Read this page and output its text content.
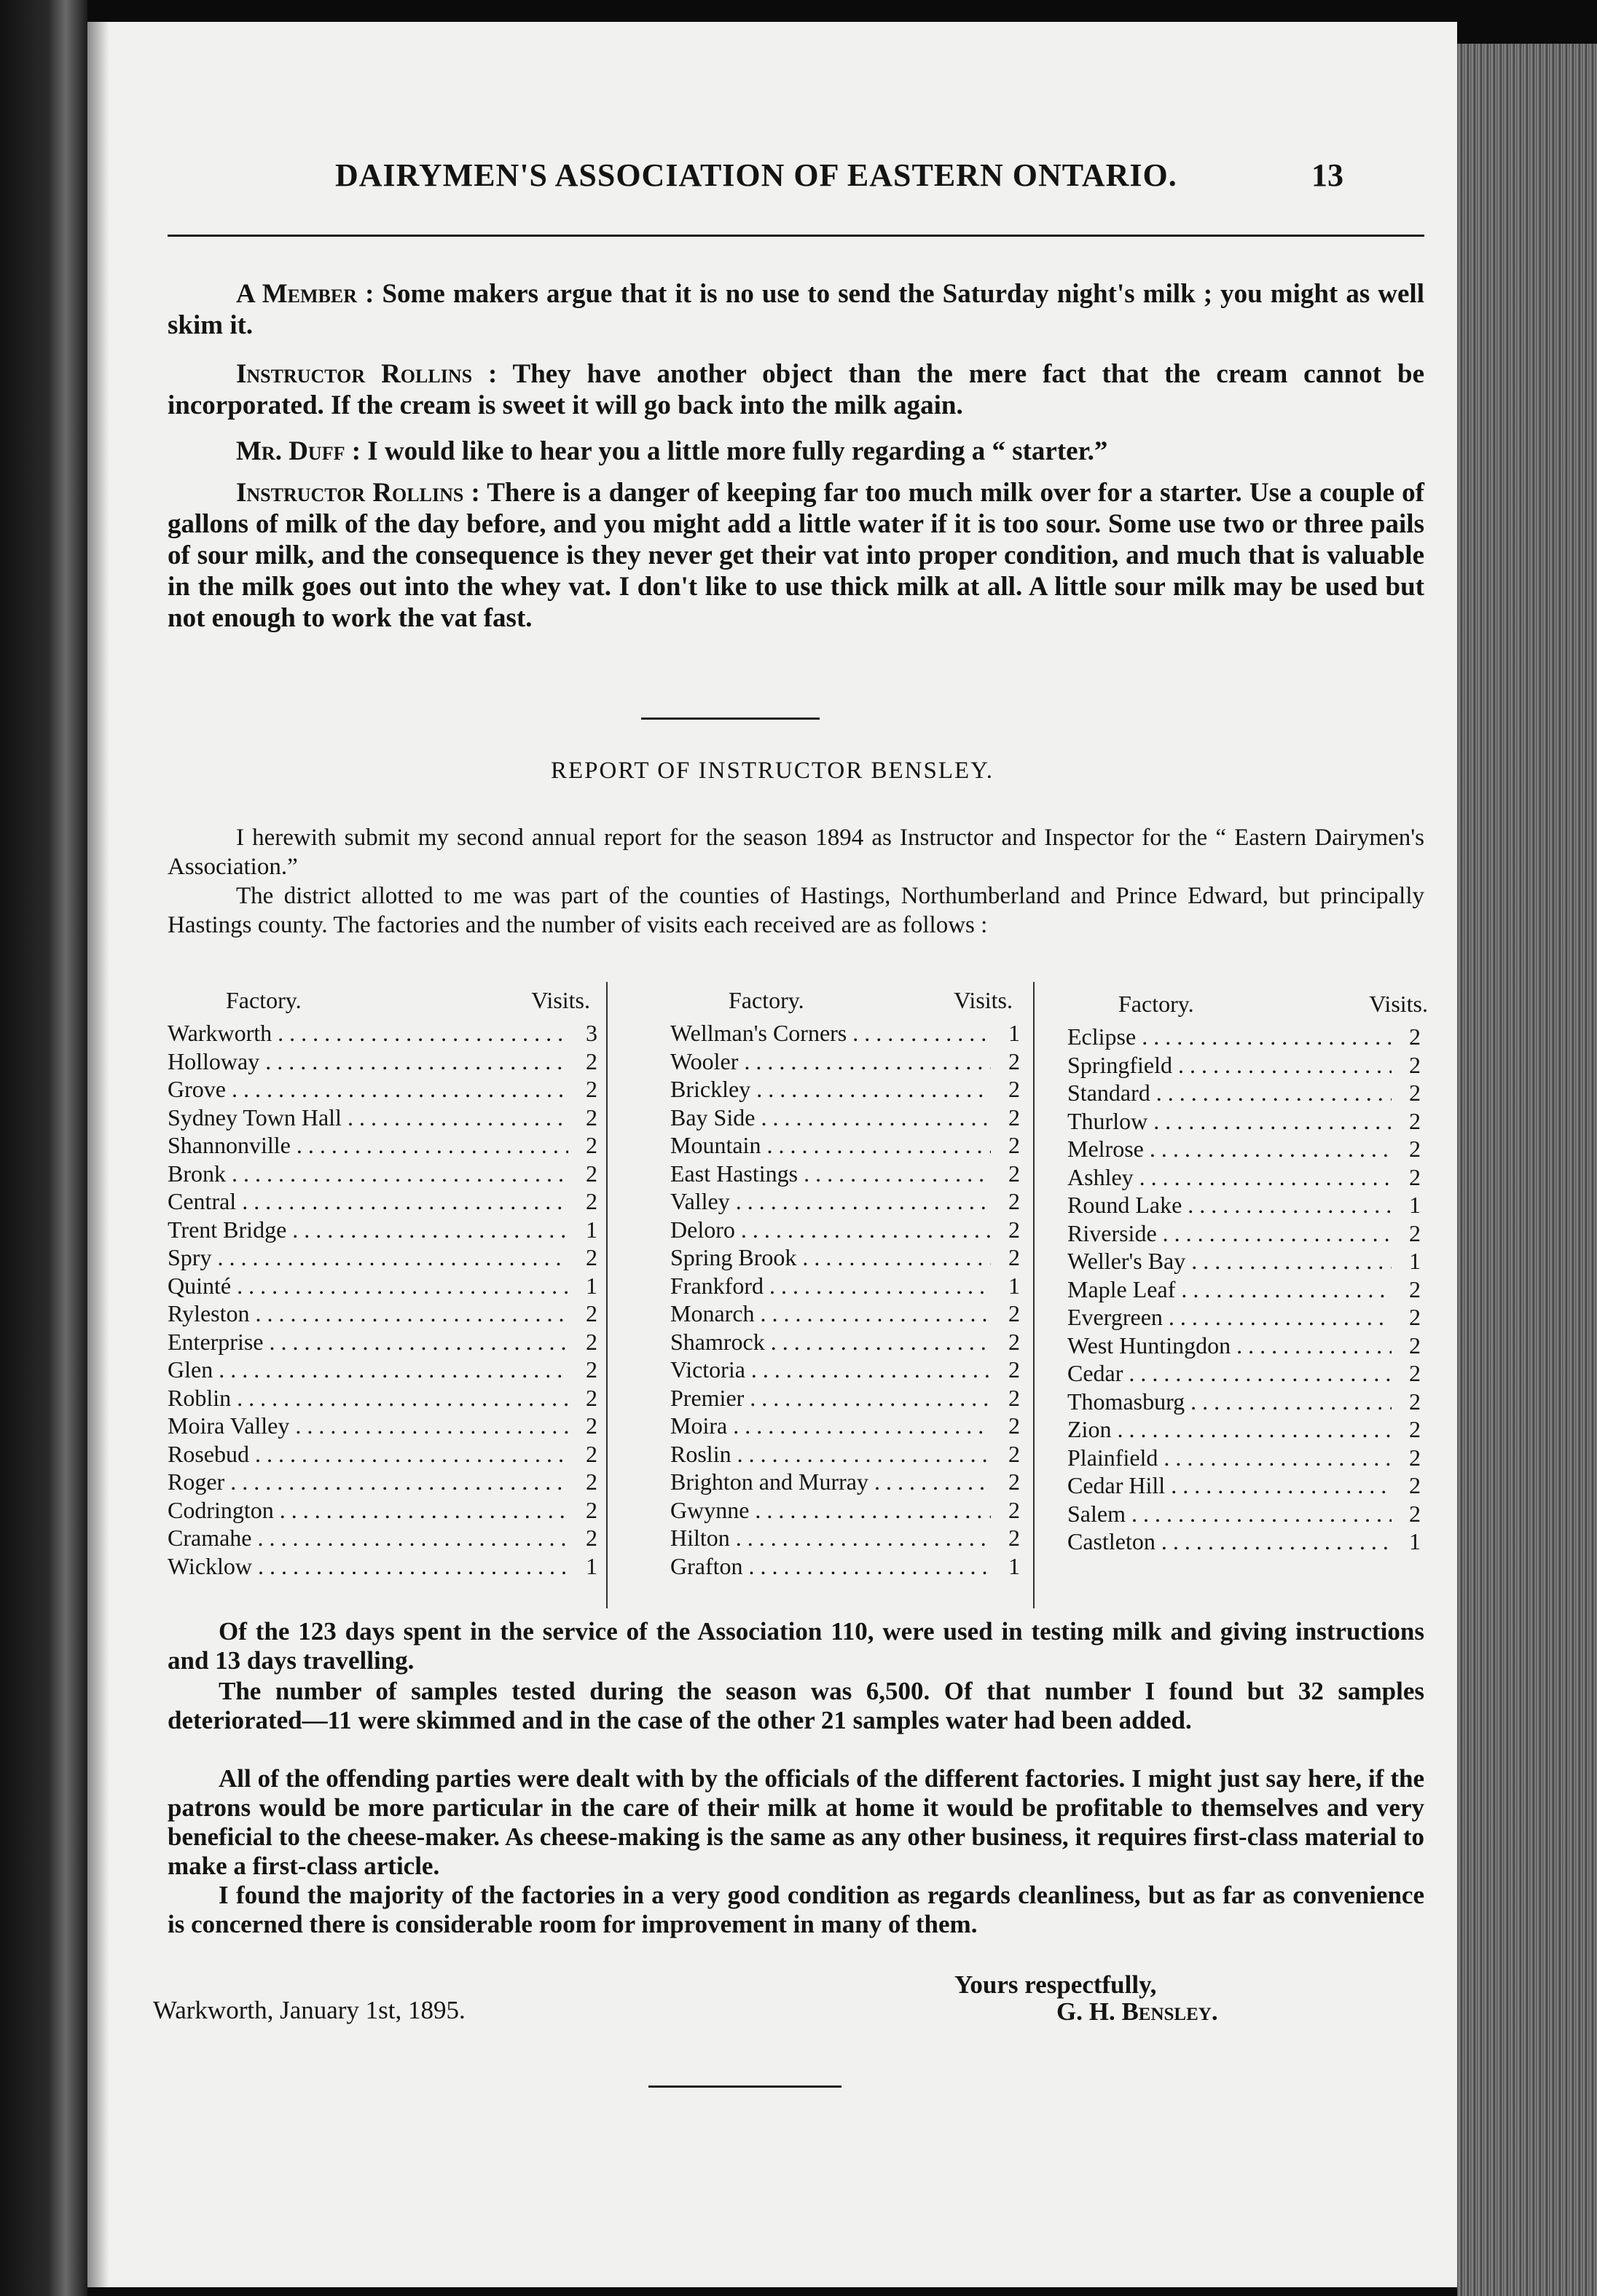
DAIRYMEN'S ASSOCIATION OF EASTERN ONTARIO.	13

A Member : Some makers argue that it is no use to send the Saturday night's milk ; you might as well skim it.

Instructor Rollins : They have another object than the mere fact that the cream cannot be incorporated. If the cream is sweet it will go back into the milk again.

Mr. Duff : I would like to hear you a little more fully regarding a “ starter.”

Instructor Rollins : There is a danger of keeping far too much milk over for a starter. Use a couple of gallons of milk of the day before, and you might add a little water if it is too sour. Some use two or three pails of sour milk, and the consequence is they never get their vat into proper condition, and much that is valuable in the milk goes out into the whey vat. I don't like to use thick milk at all. A little sour milk may be used but not enough to work the vat fast.

REPORT OF INSTRUCTOR BENSLEY.

I herewith submit my second annual report for the season 1894 as Instructor and Inspector for the “ Eastern Dairymen's Association.”

The district allotted to me was part of the counties of Hastings, Northumberland and Prince Edward, but principally Hastings county. The factories and the number of visits each received are as follows :

Factory.	Visits.
Warkworth . . .	3
Holloway . . .	2
Grove . . .	2
Sydney Town Hall . . .	2
Shannonville . . .	2
Bronk . . .	2
Central . . .	2
Trent Bridge . . .	1
Spry . . .	2
Quinté . . .	1
Ryleston . . .	2
Enterprise . . .	2
Glen . . .	2
Roblin . . .	2
Moira Valley . . .	2
Rosebud . . .	2
Roger . . .	2
Codrington . . .	2
Cramahe . . .	2
Wicklow . . .	1
Factory.	Visits.
Wellman's Corners . . .	1
Wooler . . .	2
Brickley . . .	2
Bay Side . . .	2
Mountain . . .	2
East Hastings . . .	2
Valley . . .	2
Deloro . . .	2
Spring Brook . . .	2
Frankford . . .	1
Monarch . . .	2
Shamrock . . .	2
Victoria . . .	2
Premier . . .	2
Moira . . .	2
Roslin . . .	2
Brighton and Murray . . .	2
Gwynne . . .	2
Hilton . . .	2
Grafton . . .	1
Factory.	Visits.
Eclipse . . .	2
Springfield . . .	2
Standard . . .	2
Thurlow . . .	2
Melrose . . .	2
Ashley . . .	2
Round Lake . . .	1
Riverside . . .	2
Weller's Bay . . .	1
Maple Leaf . . .	2
Evergreen . . .	2
West Huntingdon . . .	2
Cedar . . .	2
Thomasburg . . .	2
Zion . . .	2
Plainfield . . .	2
Cedar Hill . . .	2
Salem . . .	2
Castleton . . .	1

Of the 123 days spent in the service of the Association 110, were used in testing milk and giving instructions and 13 days travelling.

The number of samples tested during the season was 6,500. Of that number I found but 32 samples deteriorated—11 were skimmed and in the case of the other 21 samples water had been added.

All of the offending parties were dealt with by the officials of the different factories. I might just say here, if the patrons would be more particular in the care of their milk at home it would be profitable to themselves and very beneficial to the cheese-maker. As cheese-making is the same as any other business, it requires first-class material to make a first-class article.

I found the majority of the factories in a very good condition as regards cleanliness, but as far as convenience is concerned there is considerable room for improvement in many of them.

Yours respectfully,
Warkworth, January 1st, 1895.	G. H. Bensley.
